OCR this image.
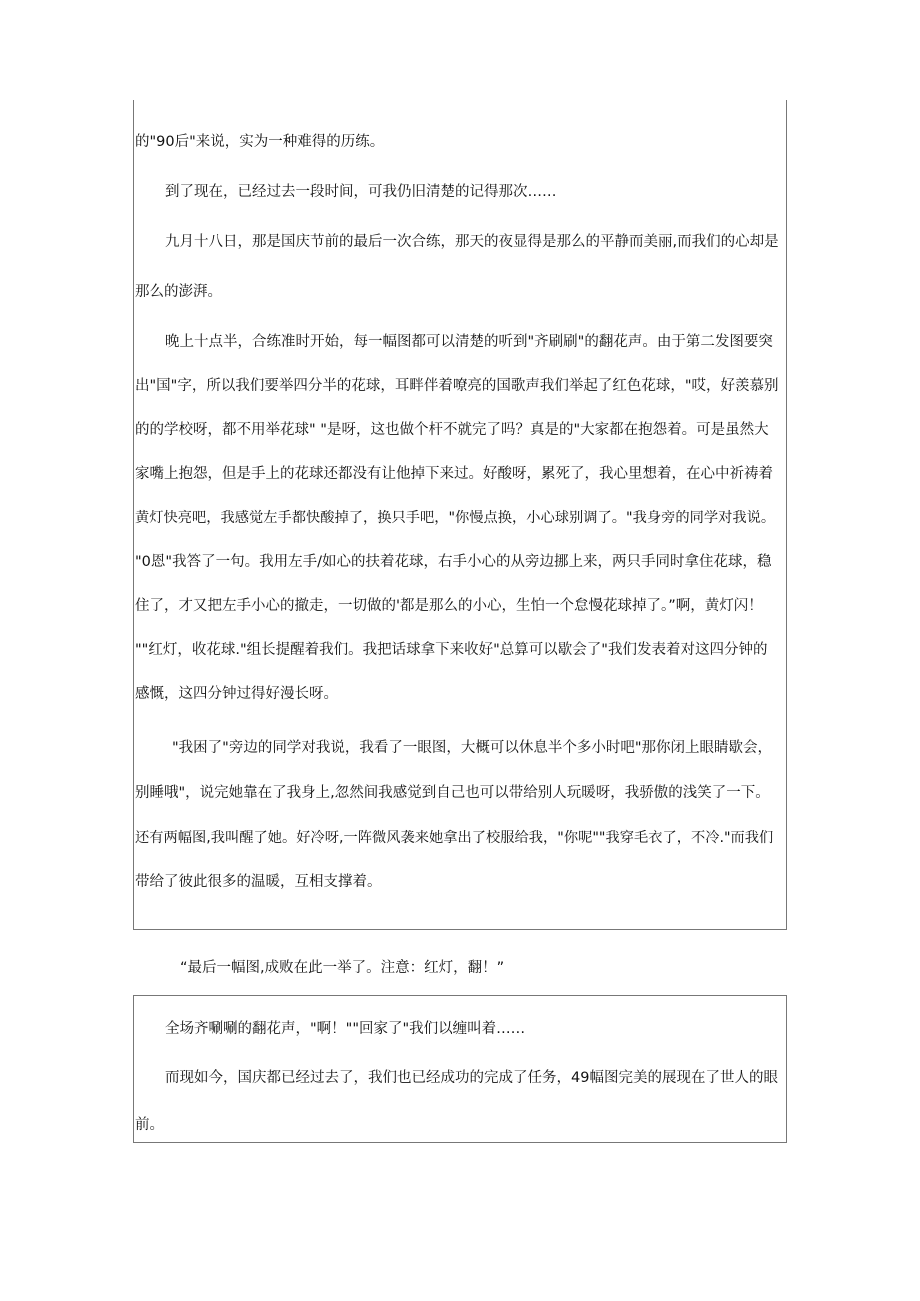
的"90后"来说，实为一种难得的历练。

到了现在，已经过去一段时间，可我仍旧清楚的记得那次……

九月十八日，那是国庆节前的最后一次合练，那天的夜显得是那么的平静而美丽,而我们的心却是

那么的澎湃。

晚上十点半，合练准时开始，每一幅图都可以清楚的听到"齐刷刷"的翻花声。由于第二发图要突

出"国"字，所以我们要举四分半的花球，耳畔伴着嘹亮的国歌声我们举起了红色花球，"哎，好羡慕别

的的学校呀，都不用举花球" "是呀，这也做个杆不就完了吗？真是的"大家都在抱怨着。可是虽然大

家嘴上抱怨，但是手上的花球还都没有让他掉下来过。好酸呀，累死了，我心里想着，在心中祈祷着

黄灯快亮吧，我感觉左手都快酸掉了，换只手吧，"你慢点换，小心球别调了。"我身旁的同学对我说。

"0恩"我答了一句。我用左手/如心的扶着花球，右手小心的从旁边挪上来，两只手同时拿住花球，稳

住了，才又把左手小心的撤走，一切做的'都是那么的小心，生怕一个怠慢花球掉了。”啊，黄灯闪！

""红灯，收花球."组长提醒着我们。我把话球拿下来收好"总算可以歇会了"我们发表着对这四分钟的

感慨，这四分钟过得好漫长呀。

"我困了"旁边的同学对我说，我看了一眼图，大概可以休息半个多小时吧"那你闭上眼睛歇会，

别睡哦"，说完她靠在了我身上,忽然间我感觉到自己也可以带给别人玩暖呀，我骄傲的浅笑了一下。

还有两幅图,我叫醒了她。好冷呀,一阵微风袭来她拿出了校服给我，"你呢""我穿毛衣了，不冷."而我们

带给了彼此很多的温暖，互相支撑着。

“最后一幅图,成败在此一举了。注意：红灯，翻！”

全场齐唰唰的翻花声，"啊！""回家了"我们以缠叫着……

而现如今，国庆都已经过去了，我们也已经成功的完成了任务，49幅图完美的展现在了世人的眼

前。
